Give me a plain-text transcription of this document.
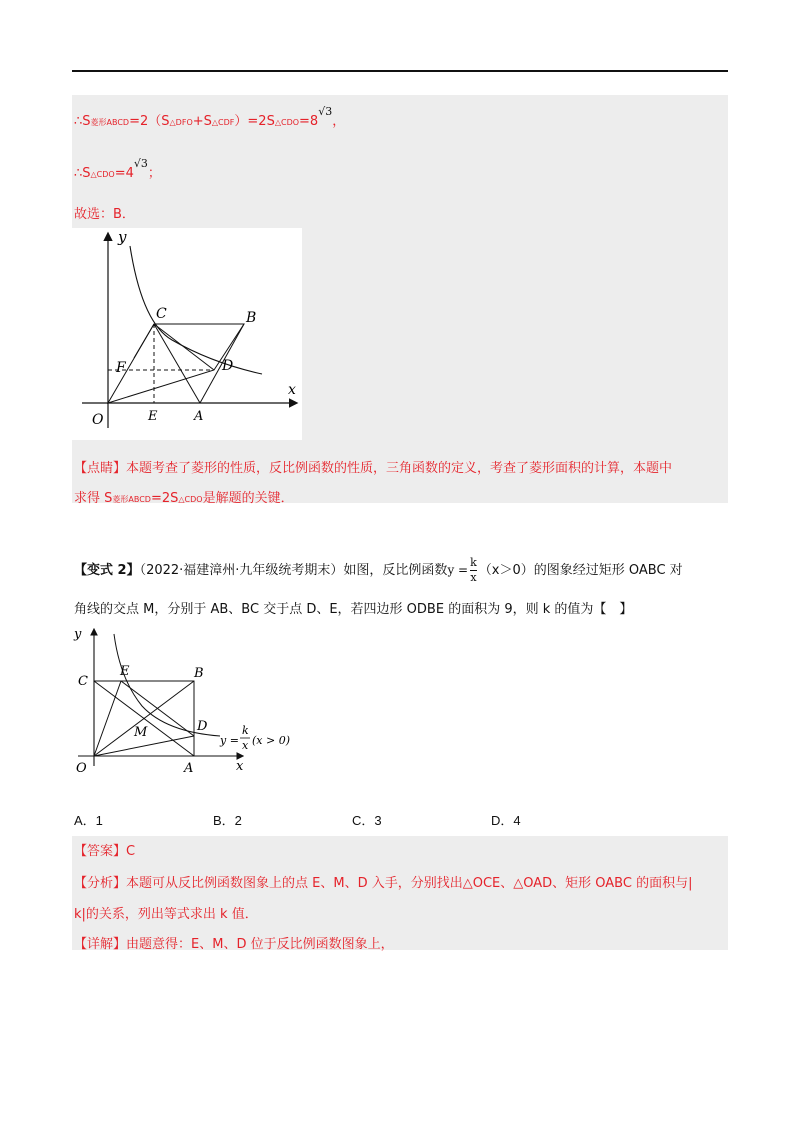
∴S菱形ABCD=2（S△DFO+S△CDF）=2S△CDO=8√3，
∴S△CDO=4√3；
故选：B．
y
C	B
F	D
x
O	E	A
【点睛】本题考查了菱形的性质，反比例函数的性质，三角函数的定义，考查了菱形面积的计算，本题中
求得 S菱形ABCD=2S△CDO是解题的关键．
【变式 2】（2022·福建漳州·九年级统考期末）如图，反比例函数$y = \frac{k}{x} (x>0)$的图象经过矩形 OABC 对
角线的交点 M，分别于 AB、BC 交于点 D、E，若四边形 ODBE 的面积为 9，则 k 的值为【　】
y
C
E	B
D
M
O	A	x
y =
k
x (x > 0)
A．1	B．2	C．3	D．4
【答案】C
【分析】本题可从反比例函数图象上的点 E、M、D 入手，分别找出△OCE、△OAD、矩形 OABC 的面积与|
k|的关系，列出等式求出 k 值．
【详解】由题意得：E、M、D 位于反比例函数图象上，
